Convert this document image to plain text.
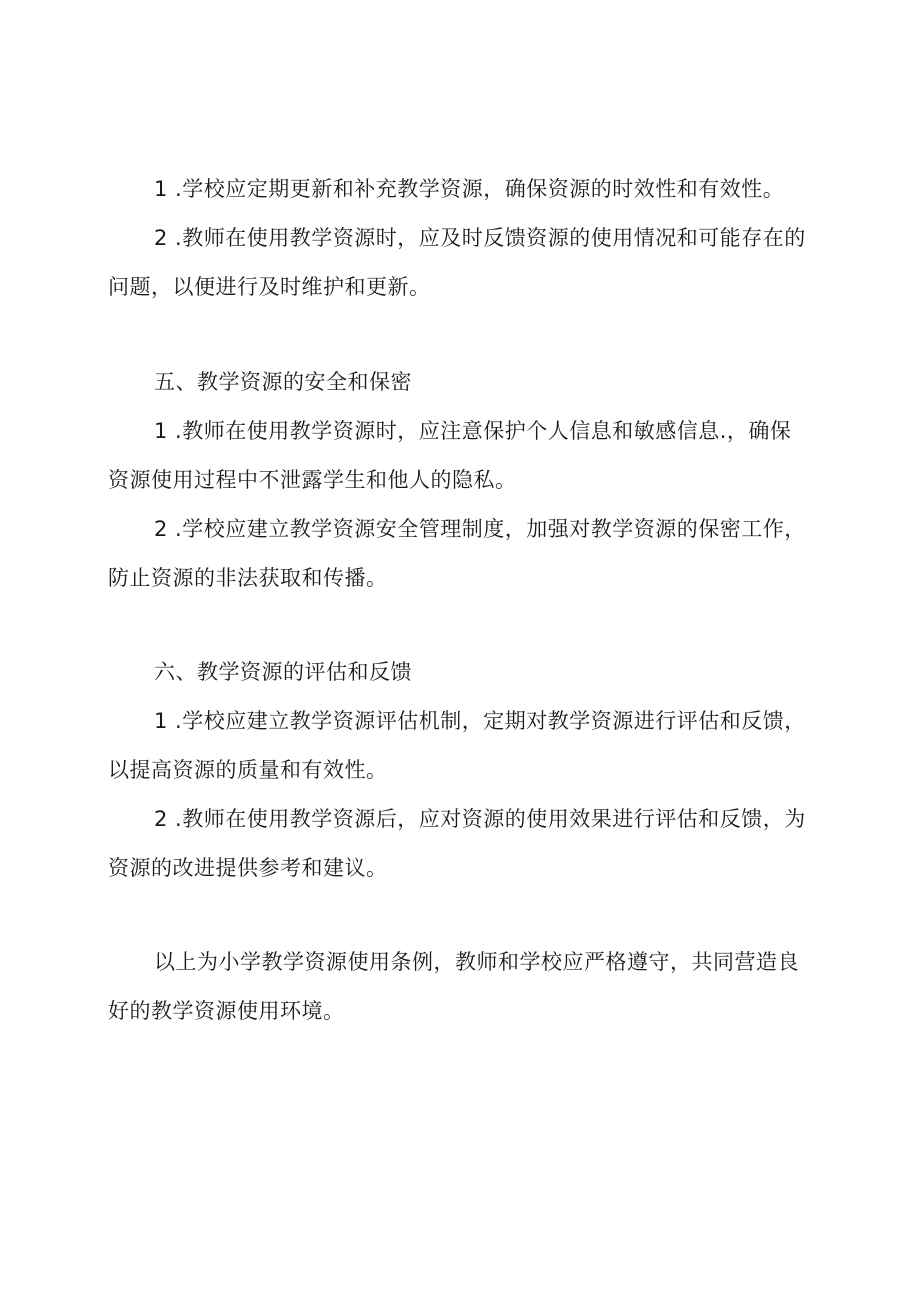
1 .学校应定期更新和补充教学资源，确保资源的时效性和有效性。
2 .教师在使用教学资源时，应及时反馈资源的使用情况和可能存在的
问题，以便进行及时维护和更新。
五、教学资源的安全和保密
1 .教师在使用教学资源时，应注意保护个人信息和敏感信息.，确保
资源使用过程中不泄露学生和他人的隐私。
2 .学校应建立教学资源安全管理制度，加强对教学资源的保密工作，
防止资源的非法获取和传播。
六、教学资源的评估和反馈
1 .学校应建立教学资源评估机制，定期对教学资源进行评估和反馈，
以提高资源的质量和有效性。
2 .教师在使用教学资源后，应对资源的使用效果进行评估和反馈，为
资源的改进提供参考和建议。
以上为小学教学资源使用条例，教师和学校应严格遵守，共同营造良
好的教学资源使用环境。
